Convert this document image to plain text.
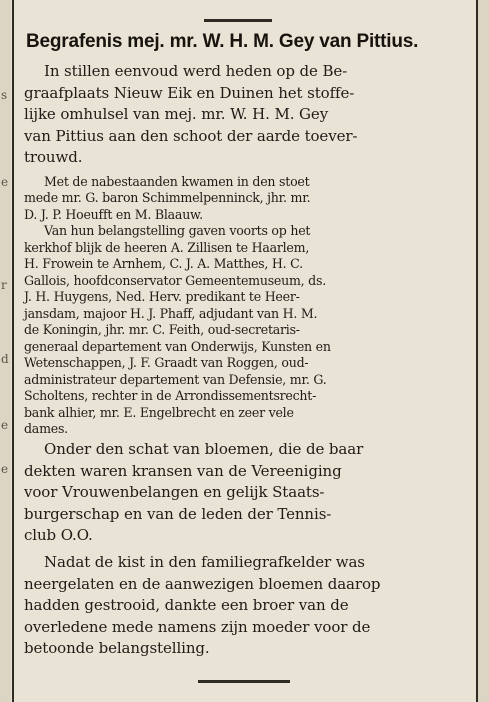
s
e
r
d
e
e
Begrafenis mej. mr. W. H. M. Gey van Pittius.

In stillen eenvoud werd heden op de Be-
graafplaats Nieuw Eik en Duinen het stoffe-
lijke omhulsel van mej. mr. W. H. M. Gey
van Pittius aan den schoot der aarde toever-
trouwd.

Met de nabestaanden kwamen in den stoet
mede mr. G. baron Schimmelpenninck, jhr. mr.
D. J. P. Hoeufft en M. Blaauw.

Van hun belangstelling gaven voorts op het
kerkhof blijk de heeren A. Zillisen te Haarlem,
H. Frowein te Arnhem, C. J. A. Matthes, H. C.
Gallois, hoofdconservator Gemeentemuseum, ds.
J. H. Huygens, Ned. Herv. predikant te Heer-
jansdam, majoor H. J. Phaff, adjudant van H. M.
de Koningin, jhr. mr. C. Feith, oud-secretaris-
generaal departement van Onderwijs, Kunsten en
Wetenschappen, J. F. Graadt van Roggen, oud-
administrateur departement van Defensie, mr. G.
Scholtens, rechter in de Arrondissementsrecht-
bank alhier, mr. E. Engelbrecht en zeer vele
dames.

Onder den schat van bloemen, die de baar
dekten waren kransen van de Vereeniging
voor Vrouwenbelangen en gelijk Staats-
burgerschap en van de leden der Tennis-
club O.O.

Nadat de kist in den familiegrafkelder was
neergelaten en de aanwezigen bloemen daarop
hadden gestrooid, dankte een broer van de
overledene mede namens zijn moeder voor de
betoonde belangstelling.
